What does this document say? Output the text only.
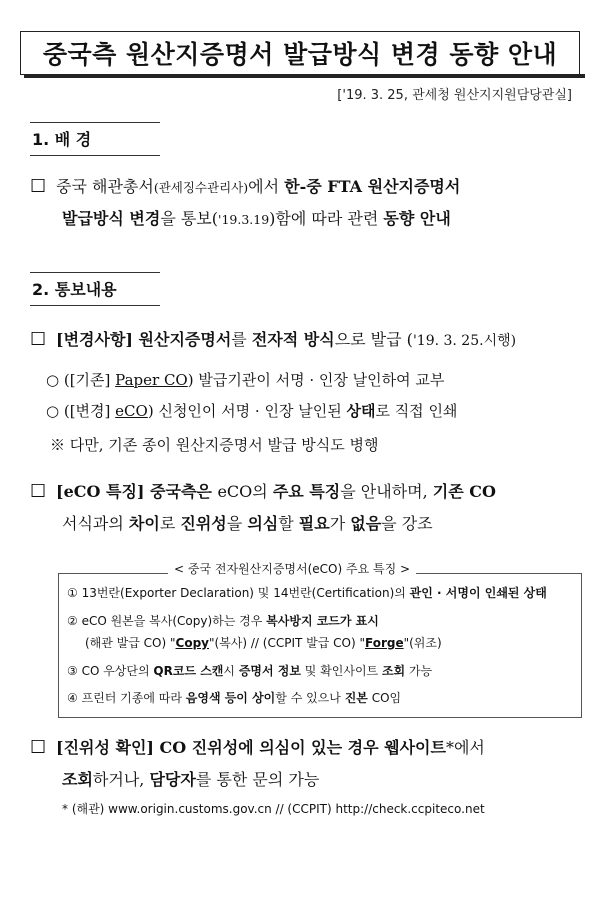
중국측 원산지증명서 발급방식 변경 동향 안내
['19. 3. 25, 관세청 원산지지원담당관실]
1. 배 경
☐ 중국 해관총서(관세징수관리사)에서 한-중 FTA 원산지증명서
발급방식 변경을 통보('19.3.19)함에 따라 관련 동향 안내
2. 통보내용
☐ [변경사항] 원산지증명서를 전자적 방식으로 발급 ('19. 3. 25.시행)
○ ([기존] Paper CO) 발급기관이 서명 · 인장 날인하여 교부
○ ([변경] eCO) 신청인이 서명 · 인장 날인된 상태로 직접 인쇄
※ 다만, 기존 종이 원산지증명서 발급 방식도 병행
☐ [eCO 특징] 중국측은 eCO의 주요 특징을 안내하며, 기존 CO
서식과의 차이로 진위성을 의심할 필요가 없음을 강조
① 13번란(Exporter Declaration) 및 14번란(Certification)의 관인 · 서명이 인쇄된 상태
② eCO 원본을 복사(Copy)하는 경우 복사방지 코드가 표시
(해관 발급 CO) "Copy"(복사) // (CCPIT 발급 CO) "Forge"(위조)
③ CO 우상단의 QR코드 스캔시 증명서 정보 및 확인사이트 조회 가능
④ 프린터 기종에 따라 음영색 등이 상이할 수 있으나 진본 CO임
< 중국 전자원산지증명서(eCO) 주요 특징 >
☐ [진위성 확인] CO 진위성에 의심이 있는 경우 웹사이트*에서
조회하거나, 담당자를 통한 문의 가능
* (해관) www.origin.customs.gov.cn // (CCPIT) http://check.ccpiteco.net
